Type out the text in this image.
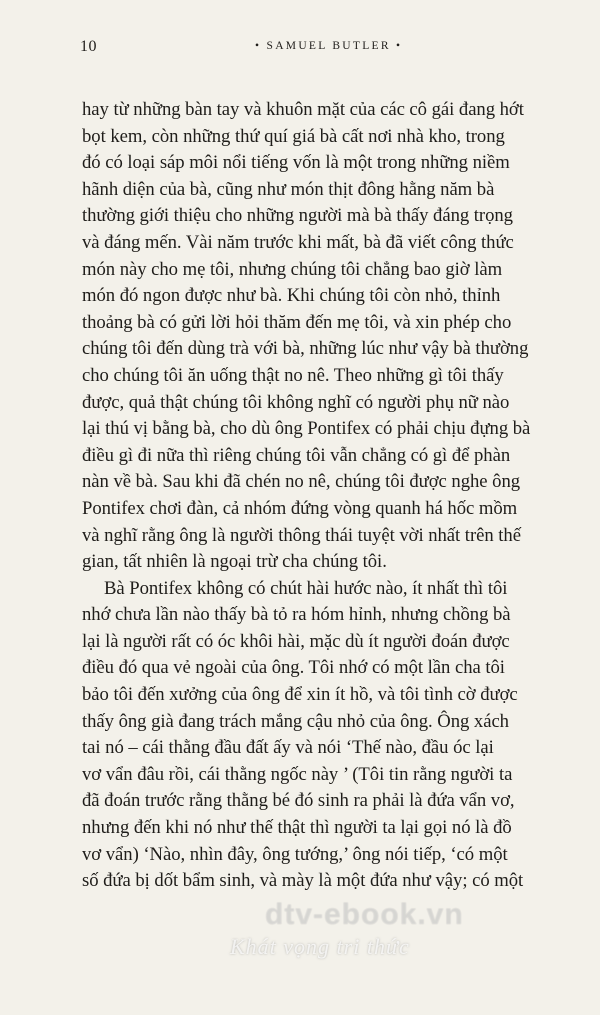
10	• SAMUEL BUTLER •
hay từ những bàn tay và khuôn mặt của các cô gái đang hớt
bọt kem, còn những thứ quí giá bà cất nơi nhà kho, trong
đó có loại sáp môi nổi tiếng vốn là một trong những niềm
hãnh diện của bà, cũng như món thịt đông hằng năm bà
thường giới thiệu cho những người mà bà thấy đáng trọng
và đáng mến. Vài năm trước khi mất, bà đã viết công thức
món này cho mẹ tôi, nhưng chúng tôi chẳng bao giờ làm
món đó ngon được như bà. Khi chúng tôi còn nhỏ, thỉnh
thoảng bà có gửi lời hỏi thăm đến mẹ tôi, và xin phép cho
chúng tôi đến dùng trà với bà, những lúc như vậy bà thường
cho chúng tôi ăn uống thật no nê. Theo những gì tôi thấy
được, quả thật chúng tôi không nghĩ có người phụ nữ nào
lại thú vị bằng bà, cho dù ông Pontifex có phải chịu đựng bà
điều gì đi nữa thì riêng chúng tôi vẫn chẳng có gì để phàn
nàn về bà. Sau khi đã chén no nê, chúng tôi được nghe ông
Pontifex chơi đàn, cả nhóm đứng vòng quanh há hốc mồm
và nghĩ rằng ông là người thông thái tuyệt vời nhất trên thế
gian, tất nhiên là ngoại trừ cha chúng tôi.
Bà Pontifex không có chút hài hước nào, ít nhất thì tôi
nhớ chưa lần nào thấy bà tỏ ra hóm hỉnh, nhưng chồng bà
lại là người rất có óc khôi hài, mặc dù ít người đoán được
điều đó qua vẻ ngoài của ông. Tôi nhớ có một lần cha tôi
bảo tôi đến xưởng của ông để xin ít hồ, và tôi tình cờ được
thấy ông già đang trách mắng cậu nhỏ của ông. Ông xách
tai nó – cái thằng đầu đất ấy và nói ‘Thế nào, đầu óc lại
vơ vẩn đâu rồi, cái thằng ngốc này ’ (Tôi tin rằng người ta
đã đoán trước rằng thằng bé đó sinh ra phải là đứa vẩn vơ,
nhưng đến khi nó như thế thật thì người ta lại gọi nó là đồ
vơ vẩn) ‘Nào, nhìn đây, ông tướng,’ ông nói tiếp, ‘có một
số đứa bị dốt bẩm sinh, và mày là một đứa như vậy; có một
dtv-ebook.vn
Khát vọng tri thức
